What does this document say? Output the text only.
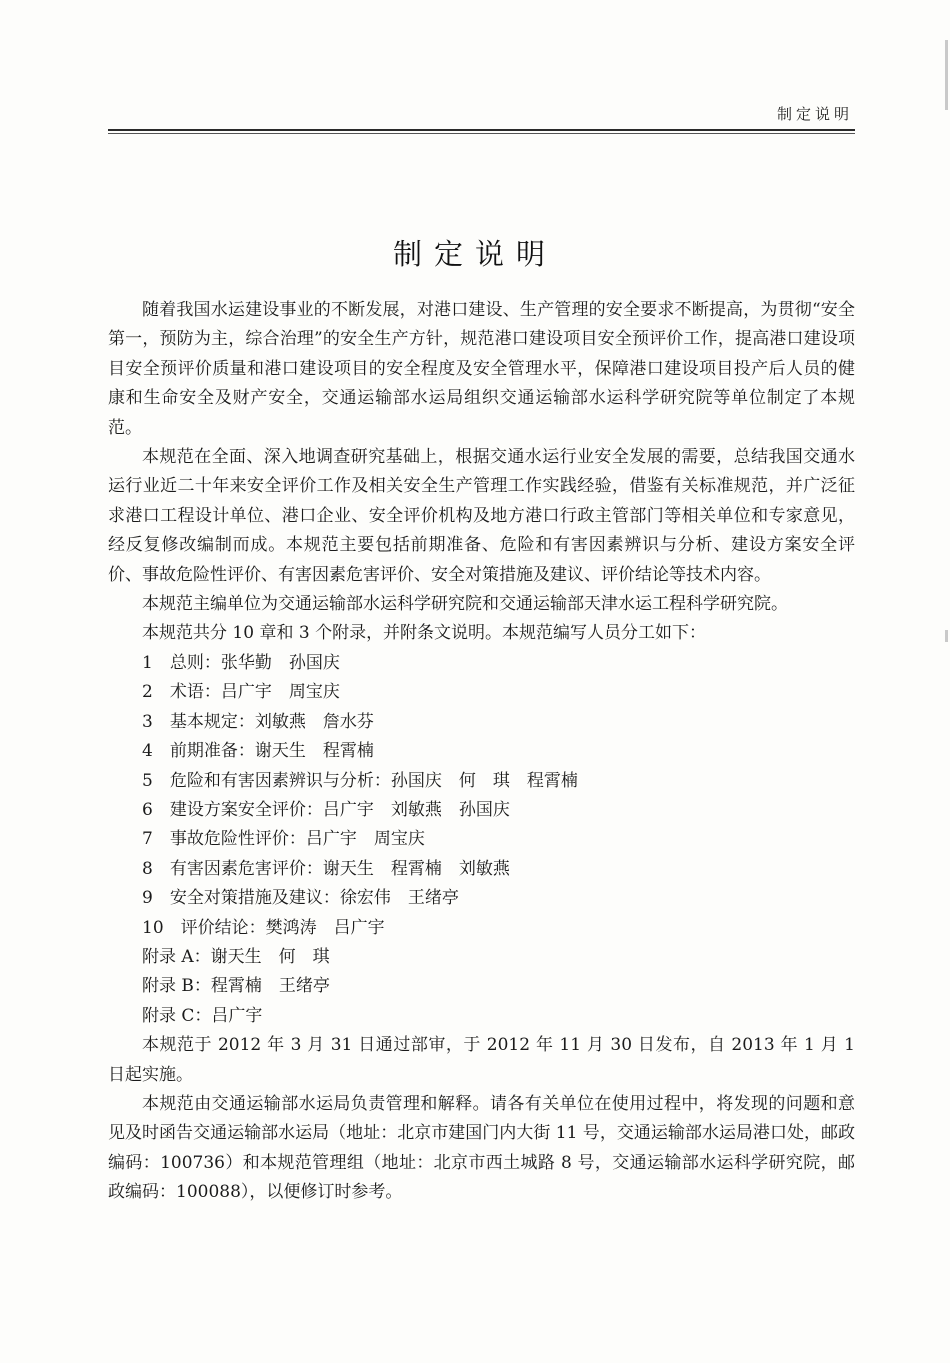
制定说明
制定说明

随着我国水运建设事业的不断发展，对港口建设、生产管理的安全要求不断提高，为贯彻“安全第一，预防为主，综合治理”的安全生产方针，规范港口建设项目安全预评价工作，提高港口建设项目安全预评价质量和港口建设项目的安全程度及安全管理水平，保障港口建设项目投产后人员的健康和生命安全及财产安全，交通运输部水运局组织交通运输部水运科学研究院等单位制定了本规范。

本规范在全面、深入地调查研究基础上，根据交通水运行业安全发展的需要，总结我国交通水运行业近二十年来安全评价工作及相关安全生产管理工作实践经验，借鉴有关标准规范，并广泛征求港口工程设计单位、港口企业、安全评价机构及地方港口行政主管部门等相关单位和专家意见，经反复修改编制而成。本规范主要包括前期准备、危险和有害因素辨识与分析、建设方案安全评价、事故危险性评价、有害因素危害评价、安全对策措施及建议、评价结论等技术内容。

本规范主编单位为交通运输部水运科学研究院和交通运输部天津水运工程科学研究院。

本规范共分 10 章和 3 个附录，并附条文说明。本规范编写人员分工如下：

1　总则：张华勤　孙国庆
2　术语：吕广宇　周宝庆
3　基本规定：刘敏燕　詹水芬
4　前期准备：谢天生　程霄楠
5　危险和有害因素辨识与分析：孙国庆　何　琪　程霄楠
6　建设方案安全评价：吕广宇　刘敏燕　孙国庆
7　事故危险性评价：吕广宇　周宝庆
8　有害因素危害评价：谢天生　程霄楠　刘敏燕
9　安全对策措施及建议：徐宏伟　王绪亭
10　评价结论：樊鸿涛　吕广宇
附录 A：谢天生　何　琪
附录 B：程霄楠　王绪亭
附录 C：吕广宇

本规范于 2012 年 3 月 31 日通过部审，于 2012 年 11 月 30 日发布，自 2013 年 1 月 1 日起实施。

本规范由交通运输部水运局负责管理和解释。请各有关单位在使用过程中，将发现的问题和意见及时函告交通运输部水运局（地址：北京市建国门内大街 11 号，交通运输部水运局港口处，邮政编码：100736）和本规范管理组（地址：北京市西土城路 8 号，交通运输部水运科学研究院，邮政编码：100088），以便修订时参考。
